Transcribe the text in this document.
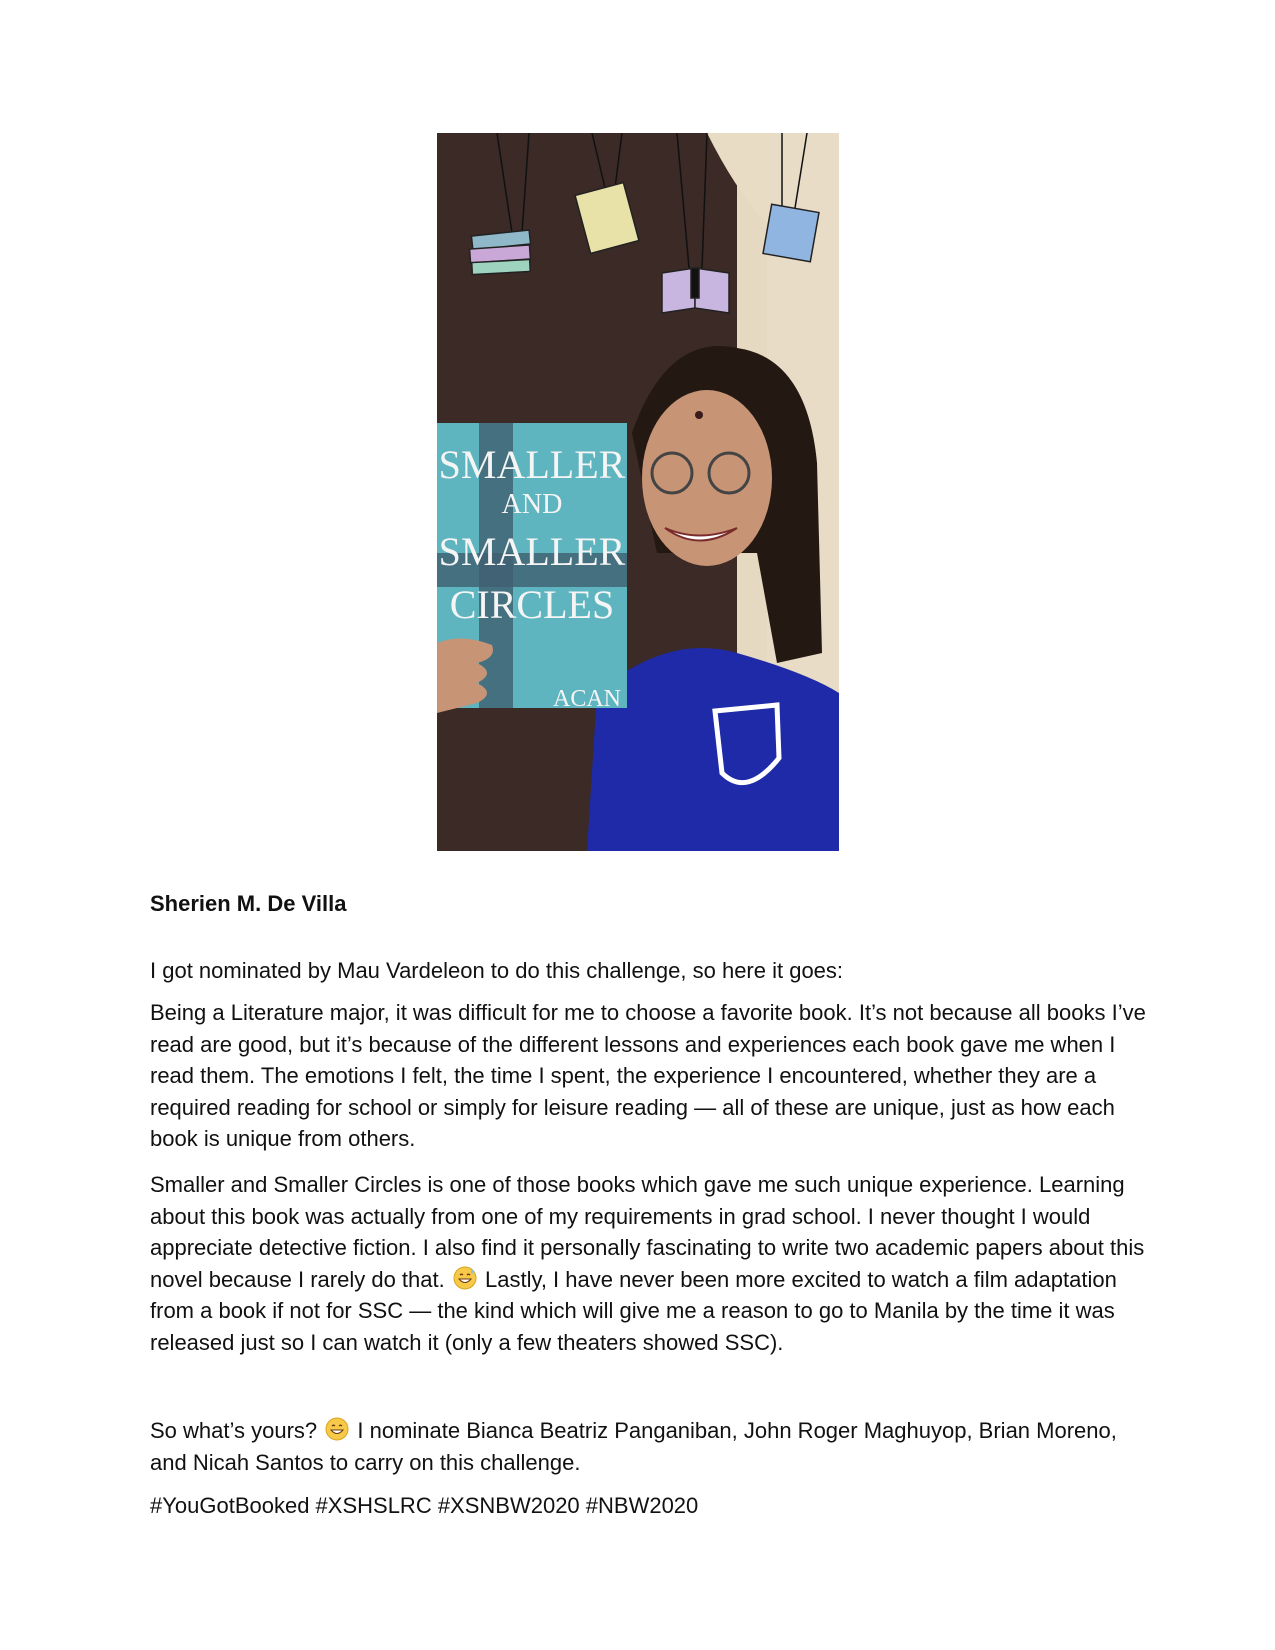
SMALLER
AND
SMALLER
CIRCLES
ACAN

Sherien M. De Villa

I got nominated by Mau Vardeleon to do this challenge, so here it goes:

Being a Literature major, it was difficult for me to choose a favorite book. It’s not because all books I’ve read are good, but it’s because of the different lessons and experiences each book gave me when I read them. The emotions I felt, the time I spent, the experience I encountered, whether they are a required reading for school or simply for leisure reading — all of these are unique, just as how each book is unique from others.

Smaller and Smaller Circles is one of those books which gave me such unique experience. Learning about this book was actually from one of my requirements in grad school. I never thought I would appreciate detective fiction. I also find it personally fascinating to write two academic papers about this novel because I rarely do that. Lastly, I have never been more excited to watch a film adaptation from a book if not for SSC — the kind which will give me a reason to go to Manila by the time it was released just so I can watch it (only a few theaters showed SSC).

So what’s yours? I nominate Bianca Beatriz Panganiban, John Roger Maghuyop, Brian Moreno, and Nicah Santos to carry on this challenge.

#YouGotBooked #XSHSLRC #XSNBW2020 #NBW2020
